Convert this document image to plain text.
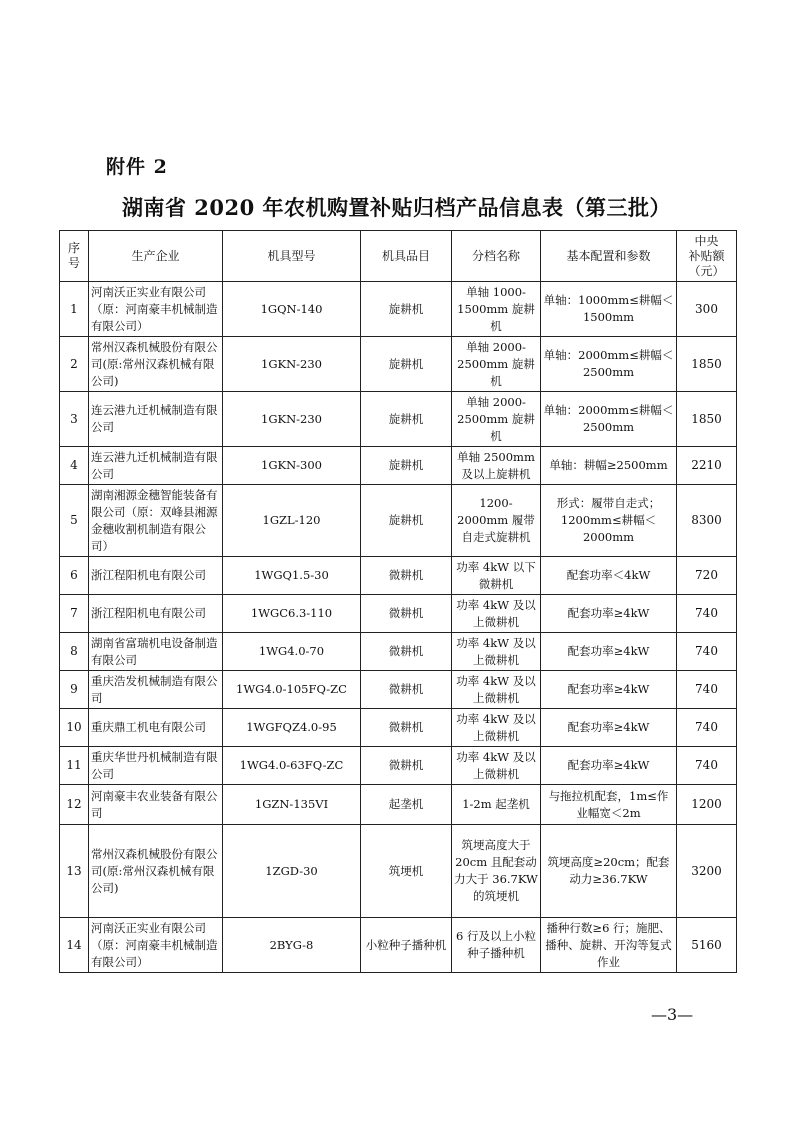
附件 2
湖南省 2020 年农机购置补贴归档产品信息表（第三批）
序
号	生产企业	机具型号	机具品目	分档名称	基本配置和参数	中央
补贴额
（元）

1	河南沃正实业有限公司（原：河南豪丰机械制造有限公司）	1GQN-140	旋耕机	单轴 1000-1500mm 旋耕机	单轴：1000mm≤耕幅＜1500mm	300
2	常州汉森机械股份有限公司(原:常州汉森机械有限公司)	1GKN-230	旋耕机	单轴 2000-2500mm 旋耕机	单轴：2000mm≤耕幅＜2500mm	1850
3	连云港九迁机械制造有限公司	1GKN-230	旋耕机	单轴 2000-2500mm 旋耕机	单轴：2000mm≤耕幅＜2500mm	1850
4	连云港九迁机械制造有限公司	1GKN-300	旋耕机	单轴 2500mm 及以上旋耕机	单轴：耕幅≥2500mm	2210
5	湖南湘源金穗智能装备有限公司（原：双峰县湘源金穗收割机制造有限公司）	1GZL-120	旋耕机	1200-2000mm 履带自走式旋耕机	形式：履带自走式；1200mm≤耕幅＜2000mm	8300
6	浙江程阳机电有限公司	1WGQ1.5-30	微耕机	功率 4kW 以下微耕机	配套功率＜4kW	720
7	浙江程阳机电有限公司	1WGC6.3-110	微耕机	功率 4kW 及以上微耕机	配套功率≥4kW	740
8	湖南省富瑞机电设备制造有限公司	1WG4.0-70	微耕机	功率 4kW 及以上微耕机	配套功率≥4kW	740
9	重庆浩发机械制造有限公司	1WG4.0-105FQ-ZC	微耕机	功率 4kW 及以上微耕机	配套功率≥4kW	740
10	重庆鼎工机电有限公司	1WGFQZ4.0-95	微耕机	功率 4kW 及以上微耕机	配套功率≥4kW	740
11	重庆华世丹机械制造有限公司	1WG4.0-63FQ-ZC	微耕机	功率 4kW 及以上微耕机	配套功率≥4kW	740
12	河南豪丰农业装备有限公司	1GZN-135VI	起垄机	1-2m 起垄机	与拖拉机配套，1m≤作业幅宽＜2m	1200
13	常州汉森机械股份有限公司(原:常州汉森机械有限公司)	1ZGD-30	筑埂机	筑埂高度大于 20cm 且配套动力大于 36.7KW 的筑埂机	筑埂高度≥20cm；配套动力≥36.7KW	3200
14	河南沃正实业有限公司（原：河南豪丰机械制造有限公司）	2BYG-8	小粒种子播种机	6 行及以上小粒种子播种机	播种行数≥6 行；施肥、播种、旋耕、开沟等复式作业	5160
—3—
